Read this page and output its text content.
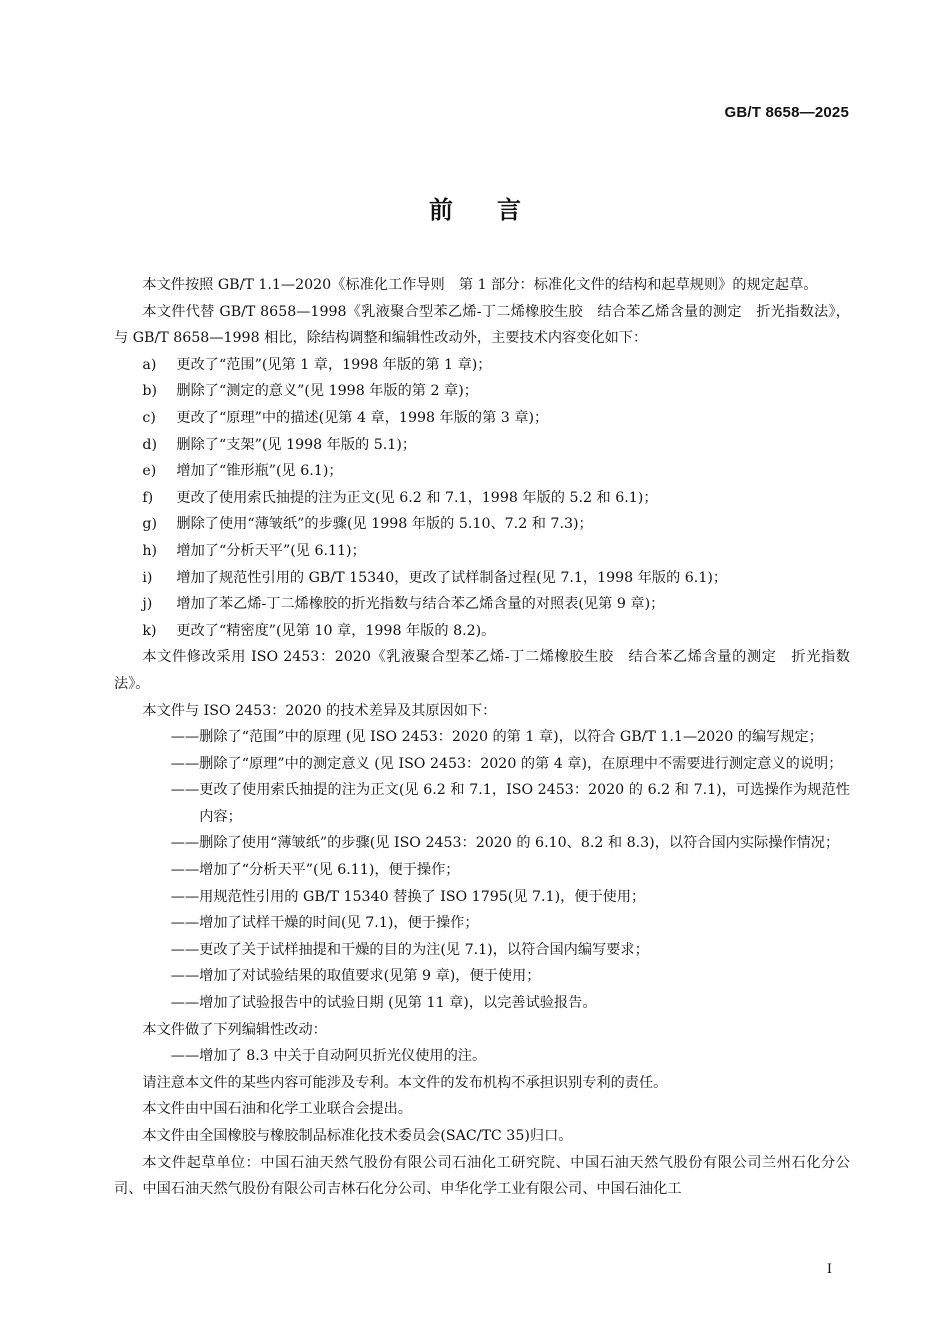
GB/T 8658—2025
前言
本文件按照 GB/T 1.1—2020《标准化工作导则　第 1 部分：标准化文件的结构和起草规则》的规定起草。
本文件代替 GB/T 8658—1998《乳液聚合型苯乙烯-丁二烯橡胶生胶　结合苯乙烯含量的测定　折光指数法》，与 GB/T 8658—1998 相比，除结构调整和编辑性改动外，主要技术内容变化如下：
a) 更改了“范围”(见第 1 章，1998 年版的第 1 章)；
b) 删除了“测定的意义”(见 1998 年版的第 2 章)；
c) 更改了“原理”中的描述(见第 4 章，1998 年版的第 3 章)；
d) 删除了“支架”(见 1998 年版的 5.1)；
e) 增加了“锥形瓶”(见 6.1)；
f) 更改了使用索氏抽提的注为正文(见 6.2 和 7.1，1998 年版的 5.2 和 6.1)；
g) 删除了使用“薄皱纸”的步骤(见 1998 年版的 5.10、7.2 和 7.3)；
h) 增加了“分析天平”(见 6.11)；
i) 增加了规范性引用的 GB/T 15340，更改了试样制备过程(见 7.1，1998 年版的 6.1)；
j) 增加了苯乙烯-丁二烯橡胶的折光指数与结合苯乙烯含量的对照表(见第 9 章)；
k) 更改了“精密度”(见第 10 章，1998 年版的 8.2)。
本文件修改采用 ISO 2453：2020《乳液聚合型苯乙烯-丁二烯橡胶生胶　结合苯乙烯含量的测定　折光指数法》。
本文件与 ISO 2453：2020 的技术差异及其原因如下：
——删除了“范围”中的原理 (见 ISO 2453：2020 的第 1 章)，以符合 GB/T 1.1—2020 的编写规定；
——删除了“原理”中的测定意义 (见 ISO 2453：2020 的第 4 章)，在原理中不需要进行测定意义的说明；
——更改了使用索氏抽提的注为正文(见 6.2 和 7.1，ISO 2453：2020 的 6.2 和 7.1)，可选操作为规范性内容；
——删除了使用“薄皱纸”的步骤(见 ISO 2453：2020 的 6.10、8.2 和 8.3)，以符合国内实际操作情况；
——增加了“分析天平”(见 6.11)，便于操作；
——用规范性引用的 GB/T 15340 替换了 ISO 1795(见 7.1)，便于使用；
——增加了试样干燥的时间(见 7.1)，便于操作；
——更改了关于试样抽提和干燥的目的为注(见 7.1)，以符合国内编写要求；
——增加了对试验结果的取值要求(见第 9 章)，便于使用；
——增加了试验报告中的试验日期 (见第 11 章)，以完善试验报告。
本文件做了下列编辑性改动：
——增加了 8.3 中关于自动阿贝折光仪使用的注。
请注意本文件的某些内容可能涉及专利。本文件的发布机构不承担识别专利的责任。
本文件由中国石油和化学工业联合会提出。
本文件由全国橡胶与橡胶制品标准化技术委员会(SAC/TC 35)归口。
本文件起草单位：中国石油天然气股份有限公司石油化工研究院、中国石油天然气股份有限公司兰州石化分公司、中国石油天然气股份有限公司吉林石化分公司、申华化学工业有限公司、中国石油化工
I
